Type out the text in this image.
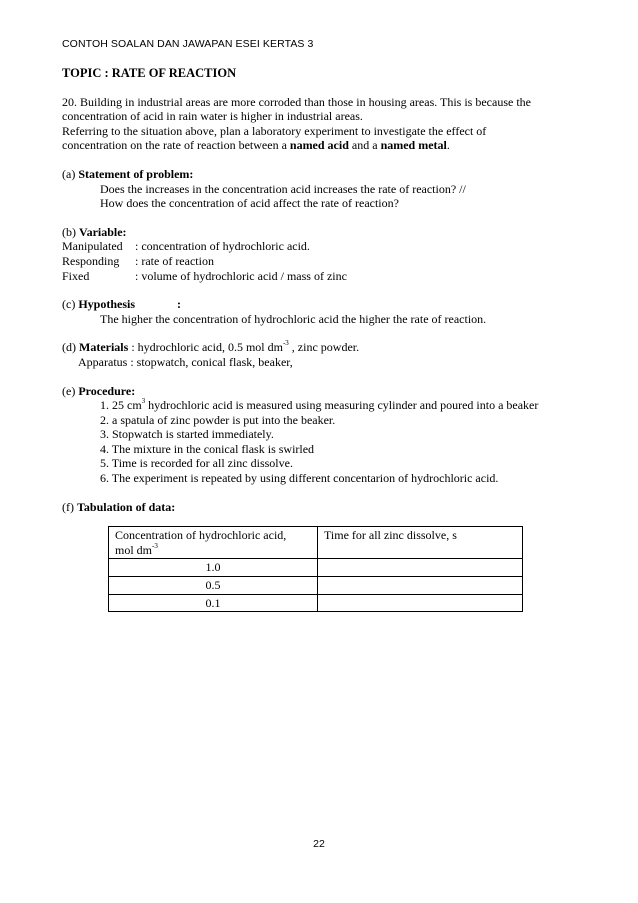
CONTOH SOALAN DAN JAWAPAN ESEI KERTAS 3

TOPIC : RATE OF REACTION

20. Building in industrial areas are more corroded than those in housing areas. This is because the

concentration of acid in rain water is higher in industrial areas.

Referring to the situation above, plan a laboratory experiment to investigate the effect of

concentration on the rate of reaction between a named acid and a named metal.

(a) Statement of problem:

Does the increases in the concentration acid increases the rate of reaction? //

How does the concentration of acid affect the rate of reaction?

(b) Variable:

Manipulated	: concentration of hydrochloric acid.
Responding	: rate of reaction
Fixed	: volume of hydrochloric acid / mass of zinc
(c) Hypothesis	:

The higher the concentration of hydrochloric acid the higher the rate of reaction.

(d) Materials : hydrochloric acid, 0.5 mol $dm^{-3}$ , zinc powder.

Apparatus : stopwatch, conical flask, beaker,

(e) Procedure:

1. 25 $cm^3$ hydrochloric acid is measured using measuring cylinder and poured into a beaker

2. a spatula of zinc powder is put into the beaker.

3. Stopwatch is started immediately.

4. The mixture in the conical flask is swirled

5. Time is recorded for all zinc dissolve.

6. The experiment is repeated by using different concentarion of hydrochloric acid.

(f) Tabulation of data:

Concentration of hydrochloric acid,
mol $dm^{-3}$	Time for all zinc dissolve, s
1.0	
0.5	
0.1	
22
